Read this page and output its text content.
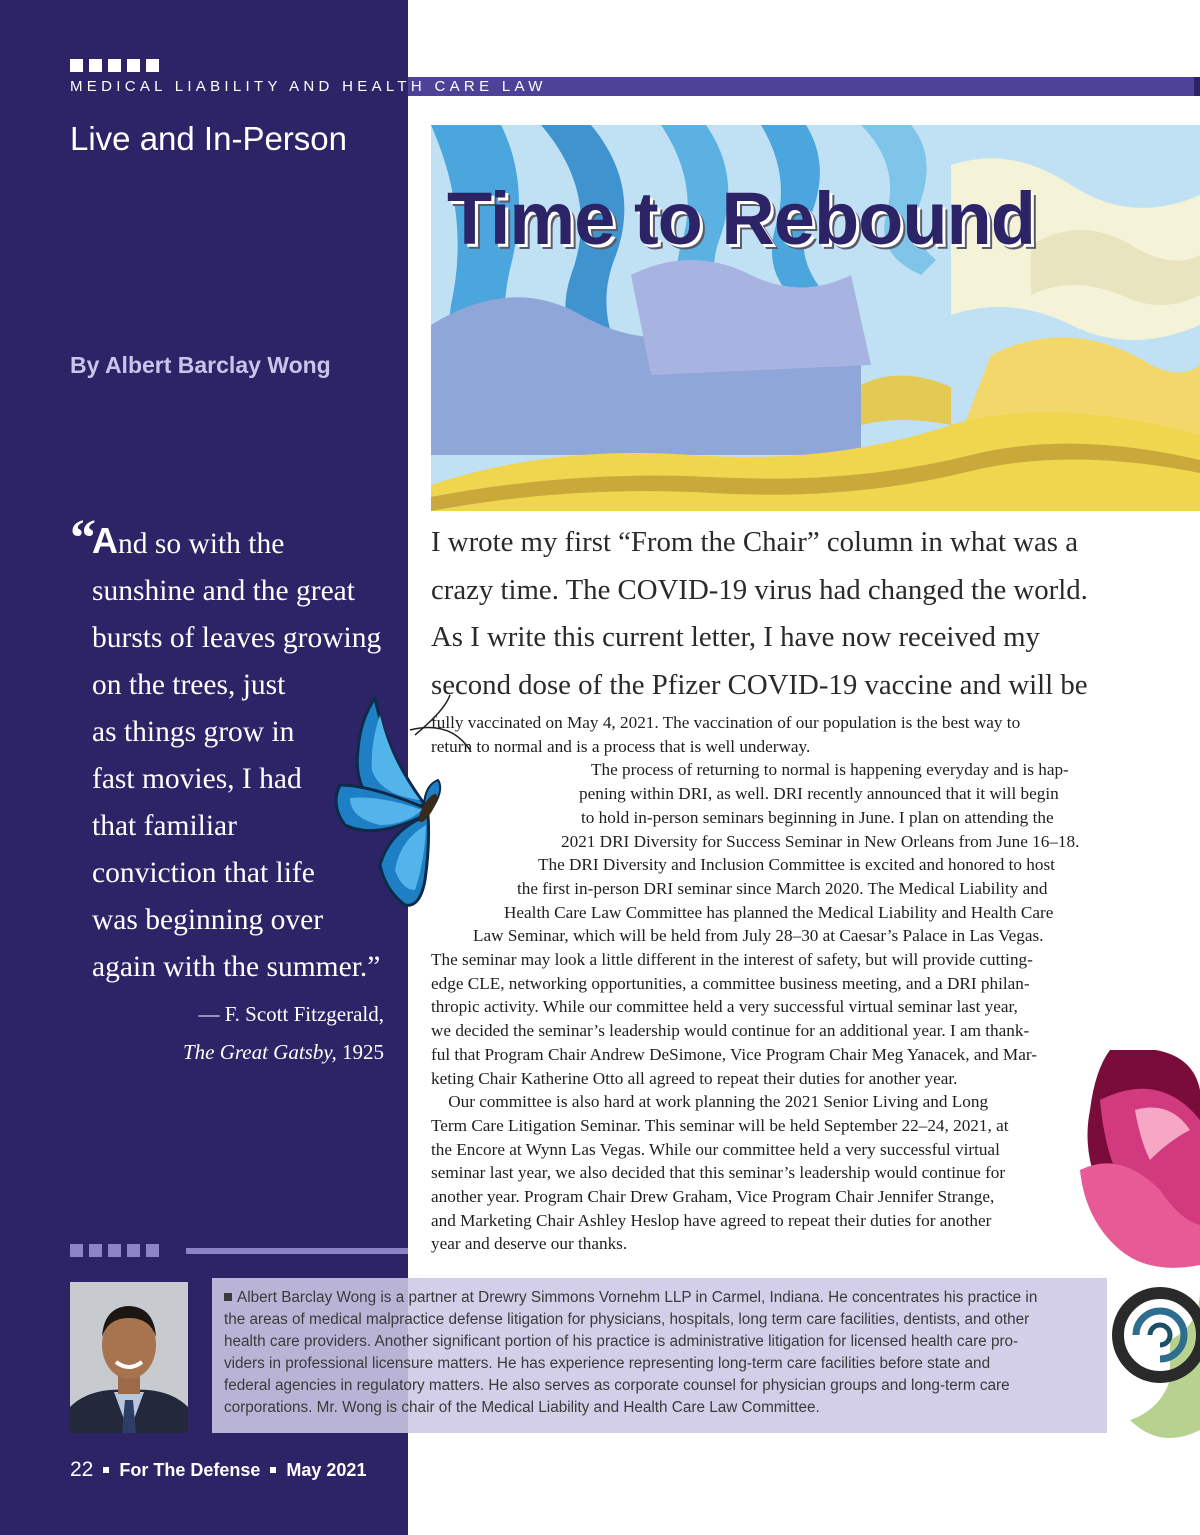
MEDICAL LIABILITY AND HEALTH CARE LAW
Live and In-Person
By Albert Barclay Wong
“

And so with the
sunshine and the great
bursts of leaves growing
on the trees, just
as things grow in
fast movies, I had
that familiar
conviction that life
was beginning over
again with the summer.”

— F. Scott Fitzgerald,
The Great Gatsby, 1925
Time to Rebound

I wrote my first “From the Chair” column in what was a
crazy time. The COVID-19 virus had changed the world.
As I write this current letter, I have now received my
second dose of the Pfizer COVID-19 vaccine and will be

fully vaccinated on May 4, 2021. The vaccination of our population is the best way to
return to normal and is a process that is well underway.
The process of returning to normal is happening everyday and is hap-
pening within DRI, as well. DRI recently announced that it will begin
to hold in-person seminars beginning in June. I plan on attending the
2021 DRI Diversity for Success Seminar in New Orleans from June 16–18.
The DRI Diversity and Inclusion Committee is excited and honored to host
the first in-person DRI seminar since March 2020. The Medical Liability and
Health Care Law Committee has planned the Medical Liability and Health Care
Law Seminar, which will be held from July 28–30 at Caesar’s Palace in Las Vegas.
The seminar may look a little different in the interest of safety, but will provide cutting-
edge CLE, networking opportunities, a committee business meeting, and a DRI philan-
thropic activity. While our committee held a very successful virtual seminar last year,
we decided the seminar’s leadership would continue for an additional year. I am thank-
ful that Program Chair Andrew DeSimone, Vice Program Chair Meg Yanacek, and Mar-
keting Chair Katherine Otto all agreed to repeat their duties for another year.
Our committee is also hard at work planning the 2021 Senior Living and Long
Term Care Litigation Seminar. This seminar will be held September 22–24, 2021, at
the Encore at Wynn Las Vegas. While our committee held a very successful virtual
seminar last year, we also decided that this seminar’s leadership would continue for
another year. Program Chair Drew Graham, Vice Program Chair Jennifer Strange,
and Marketing Chair Ashley Heslop have agreed to repeat their duties for another
year and deserve our thanks.

Albert Barclay Wong is a partner at Drewry Simmons Vornehm LLP in Carmel, Indiana. He concentrates his practice in
the areas of medical malpractice defense litigation for physicians, hospitals, long term care facilities, dentists, and other
health care providers. Another significant portion of his practice is administrative litigation for licensed health care pro-
viders in professional licensure matters. He has experience representing long-term care facilities before state and
federal agencies in regulatory matters. He also serves as corporate counsel for physician groups and long-term care
corporations. Mr. Wong is chair of the Medical Liability and Health Care Law Committee.

22 For The Defense May 2021
